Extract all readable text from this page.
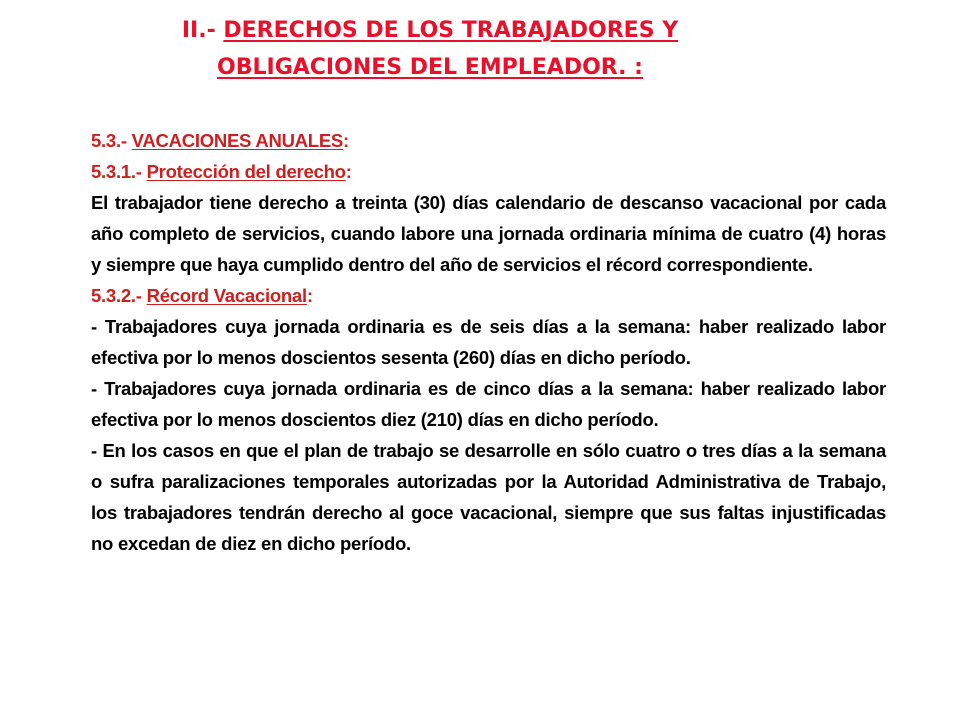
II.- DERECHOS DE LOS TRABAJADORES Y
OBLIGACIONES DEL EMPLEADOR. :
5.3.- VACACIONES ANUALES:
5.3.1.- Protección del derecho:

El trabajador tiene derecho a treinta (30) días calendario de descanso vacacional por cada año completo de servicios, cuando labore una jornada ordinaria mínima de cuatro (4) horas y siempre que haya cumplido dentro del año de servicios el récord correspondiente.

5.3.2.- Récord Vacacional:

- Trabajadores cuya jornada ordinaria es de seis días a la semana: haber realizado labor efectiva por lo menos doscientos sesenta (260) días en dicho período.

- Trabajadores cuya jornada ordinaria es de cinco días a la semana: haber realizado labor efectiva por lo menos doscientos diez (210) días en dicho período.

- En los casos en que el plan de trabajo se desarrolle en sólo cuatro o tres días a la semana o sufra paralizaciones temporales autorizadas por la Autoridad Administrativa de Trabajo, los trabajadores tendrán derecho al goce vacacional, siempre que sus faltas injustificadas no excedan de diez en dicho período.
